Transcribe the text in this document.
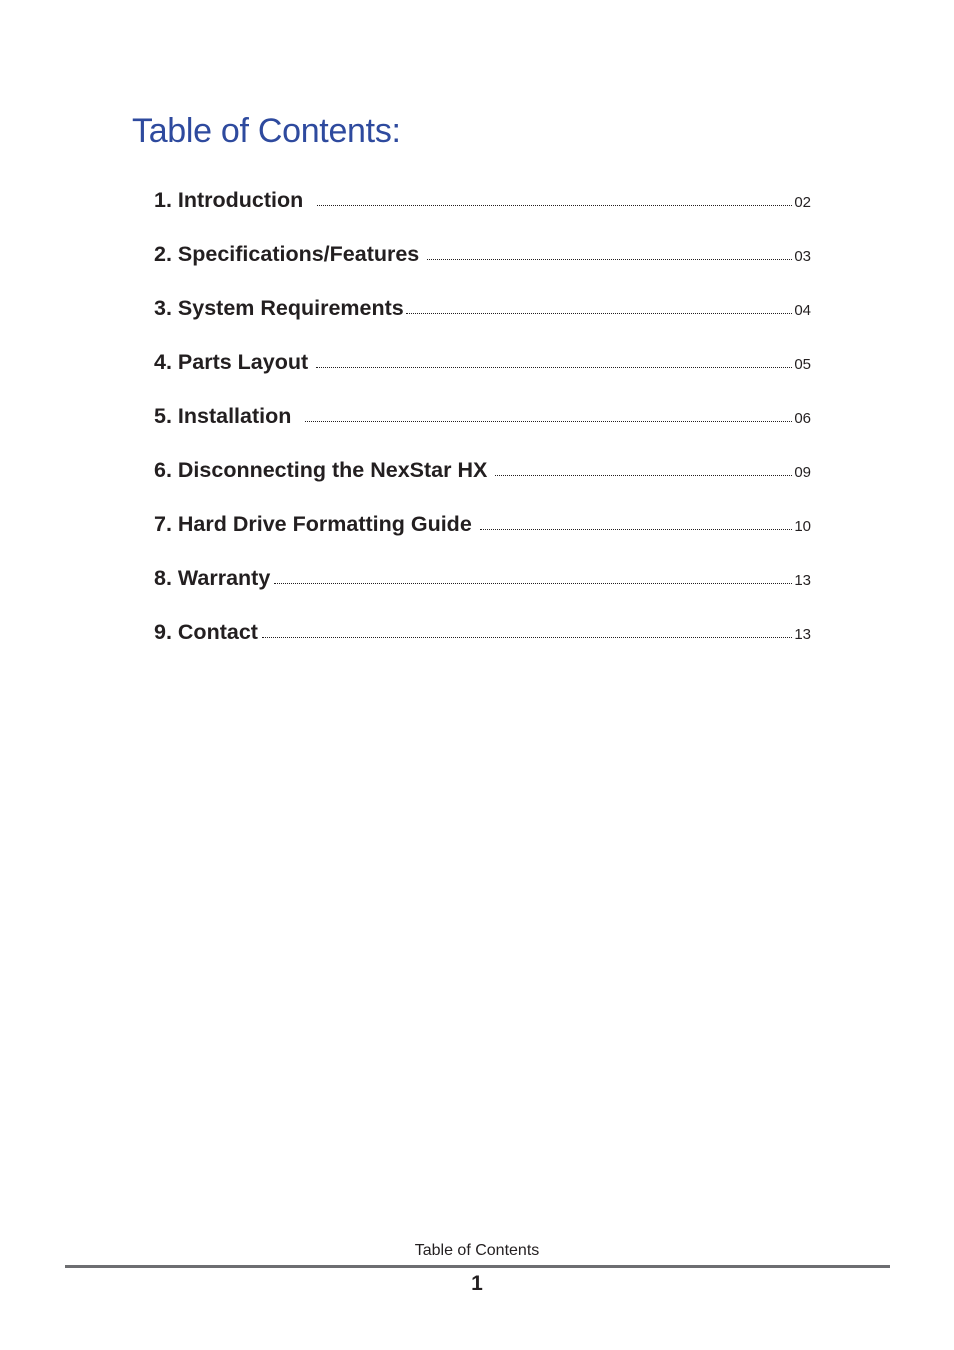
Table of Contents:
1. Introduction	02
2. Specifications/Features	03
3. System Requirements	04
4. Parts Layout	05
5. Installation	06
6. Disconnecting the NexStar HX	09
7. Hard Drive Formatting Guide	10
8. Warranty	13
9. Contact	13
Table of Contents
1
